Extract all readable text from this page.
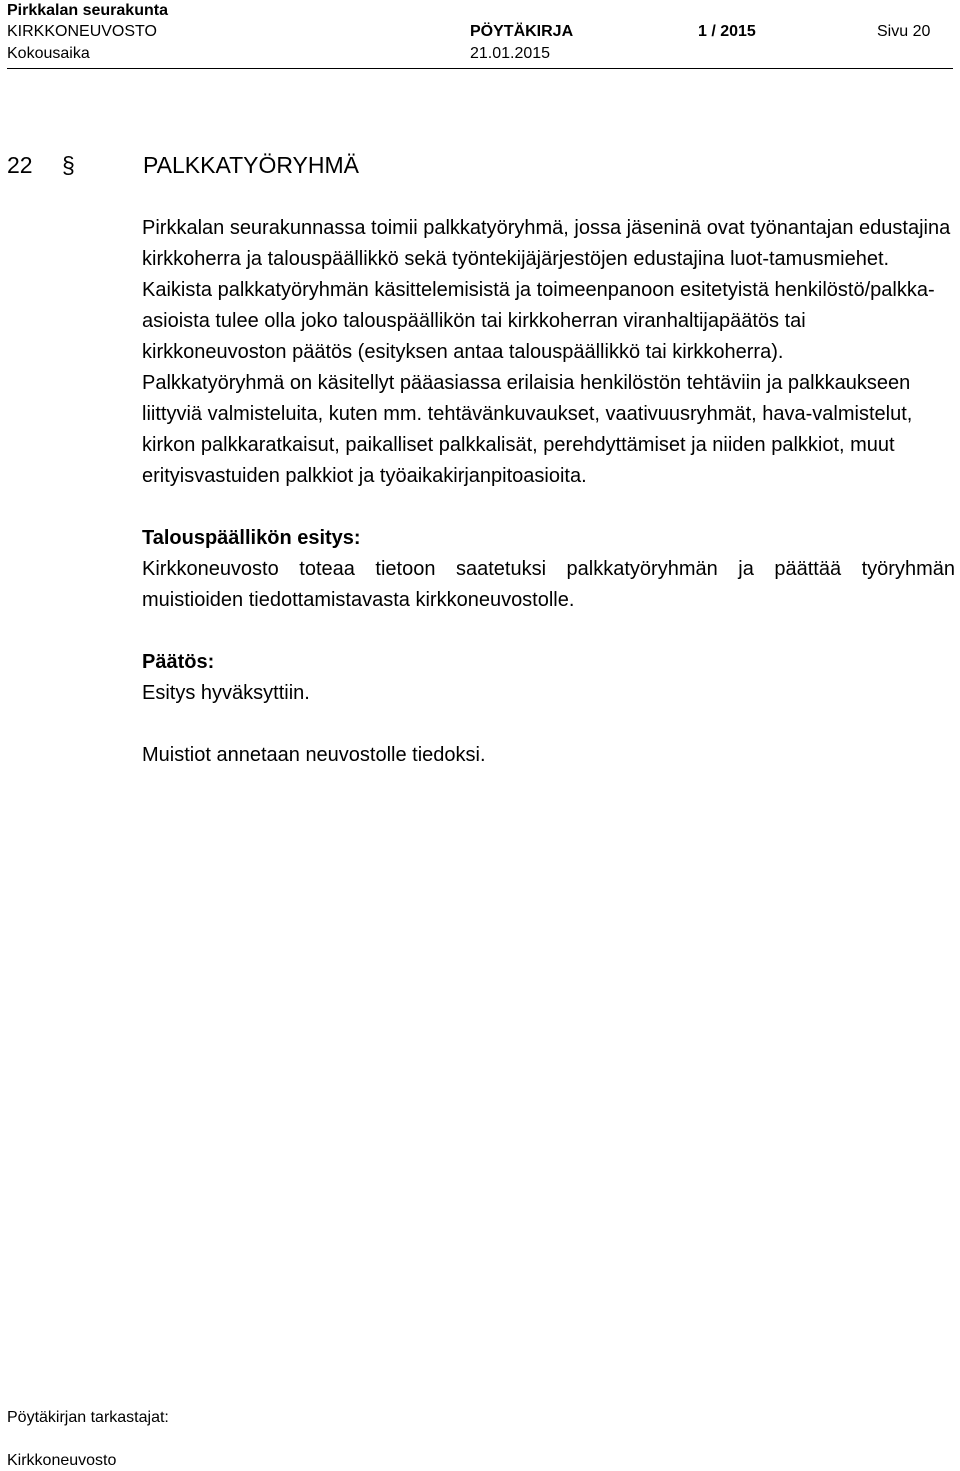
Pirkkalan seurakunta
KIRKKONEUVOSTO	PÖYTÄKIRJA	1 / 2015	Sivu 20
Kokousaika	21.01.2015
22 §	PALKKATYÖRYHMÄ

Pirkkalan seurakunnassa toimii palkkatyöryhmä, jossa jäseninä ovat työnantajan edustajina kirkkoherra ja talouspäällikkö sekä työntekijäjärjestöjen edustajina luot-tamusmiehet.

Kaikista palkkatyöryhmän käsittelemisistä ja toimeenpanoon esitetyistä henkilöstö/palkka-asioista tulee olla joko talouspäällikön tai kirkkoherran viranhaltijapäätös tai kirkkoneuvoston päätös (esityksen antaa talouspäällikkö tai kirkkoherra).

Palkkatyöryhmä on käsitellyt pääasiassa erilaisia henkilöstön tehtäviin ja palkkaukseen liittyviä valmisteluita, kuten mm. tehtävänkuvaukset, vaativuusryhmät, hava-valmistelut, kirkon palkkaratkaisut, paikalliset palkkalisät, perehdyttämiset ja niiden palkkiot, muut erityisvastuiden palkkiot ja työaikakirjanpitoasioita.

Talouspäällikön esitys:

Kirkkoneuvosto toteaa tietoon saatetuksi palkkatyöryhmän ja päättää työryhmän muistioiden tiedottamistavasta kirkkoneuvostolle.

Päätös:

Esitys hyväksyttiin.

Muistiot annetaan neuvostolle tiedoksi.

Pöytäkirjan tarkastajat:
Kirkkoneuvosto
